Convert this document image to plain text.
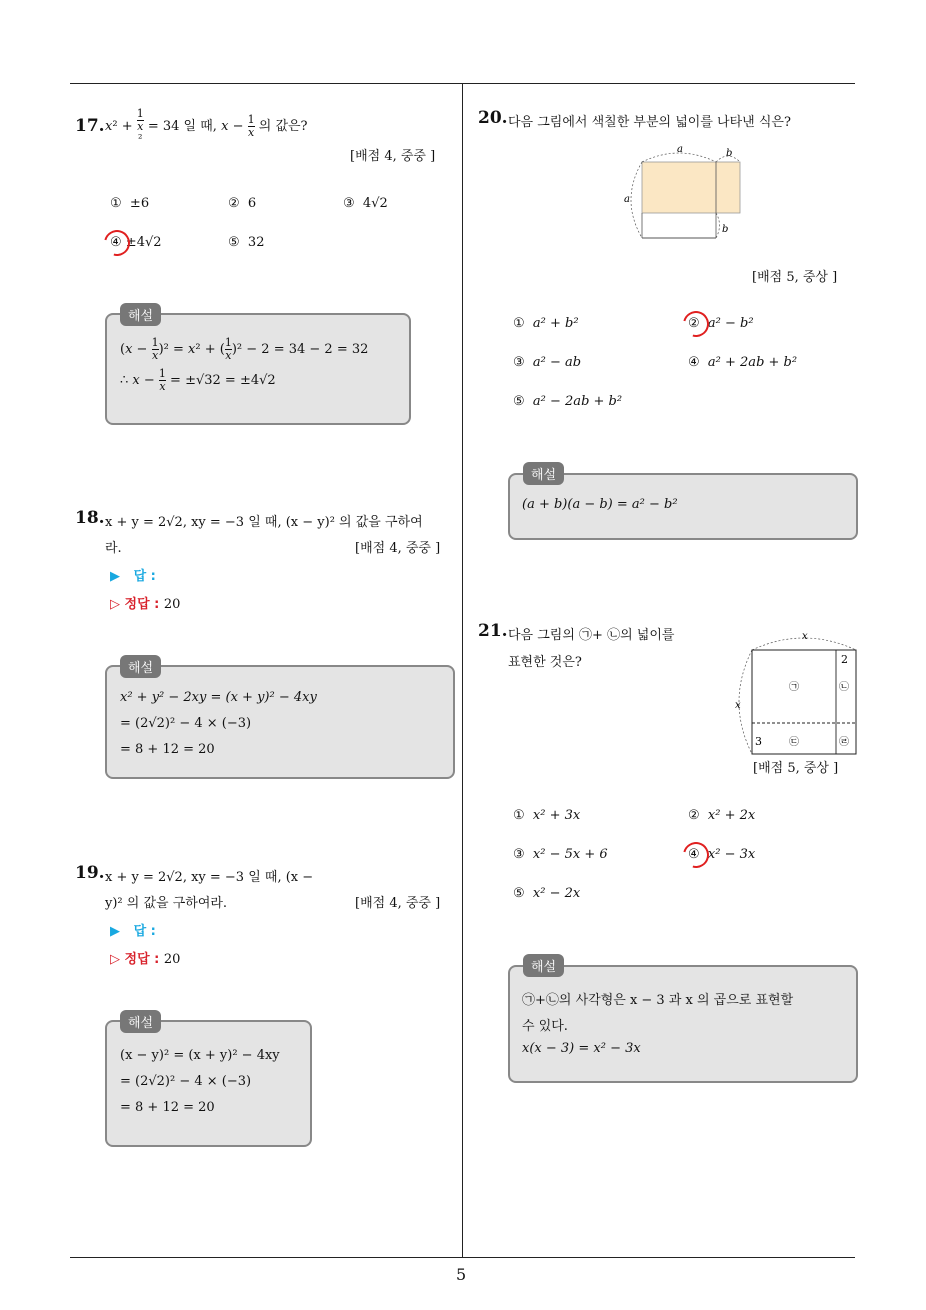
5
17. x² + 1
x
² = 34 일 때, $x - \frac{1}{x}$ 의 값은?
[배점 4, 중중 ]
① ±6	② 6	③ 4√2
④ ±4√2	⑤ 32
해설
$(x - \frac{1}{x} )^2 = x^2$ + ( $\frac{1}{x} )^2 - 2 = 34 - 2 = 32$
∴ $x - \frac{1}{x} = \pm√32 = \pm 4√2$
18. x + y = 2√2, xy = −3 일 때, (x − y)² 의 값을 구하여
라.	[배점 4, 중중 ]
▶   답 :
▷ 정답 : 20
해설
x² + y² − 2xy = (x + y)² − 4xy
= (2√2)² − 4 × (−3)
= 8 + 12 = 20
19. x + y = 2√2, xy = −3 일 때, (x −
y)² 의 값을 구하여라.	[배점 4, 중중 ]
▶   답 :
▷ 정답 : 20
해설
(x − y)² = (x + y)² − 4xy
= (2√2)² − 4 × (−3)
= 8 + 12 = 20
20. 다음 그림에서 색칠한 부분의 넓이를 나타낸 식은?
a	b
a
b
[배점 5, 중상 ]
① a² + b²	② a² − b²
③ a² − ab	④ a² + 2ab + b²
⑤ a² − 2ab + b²
해설
(a + b)(a − b) = a² − b²
21. 다음 그림의 ㉠+ ㉡의 넓이를
표현한 것은?
x
x
2
3
㉠	㉡
㉢	㉣
[배점 5, 중상 ]
① x² + 3x	② x² + 2x
③ x² − 5x + 6	④ x² − 3x
⑤ x² − 2x
해설
㉠+㉡의 사각형은 x − 3 과 x 의 곱으로 표현할
수 있다.
x(x − 3) = x² − 3x
